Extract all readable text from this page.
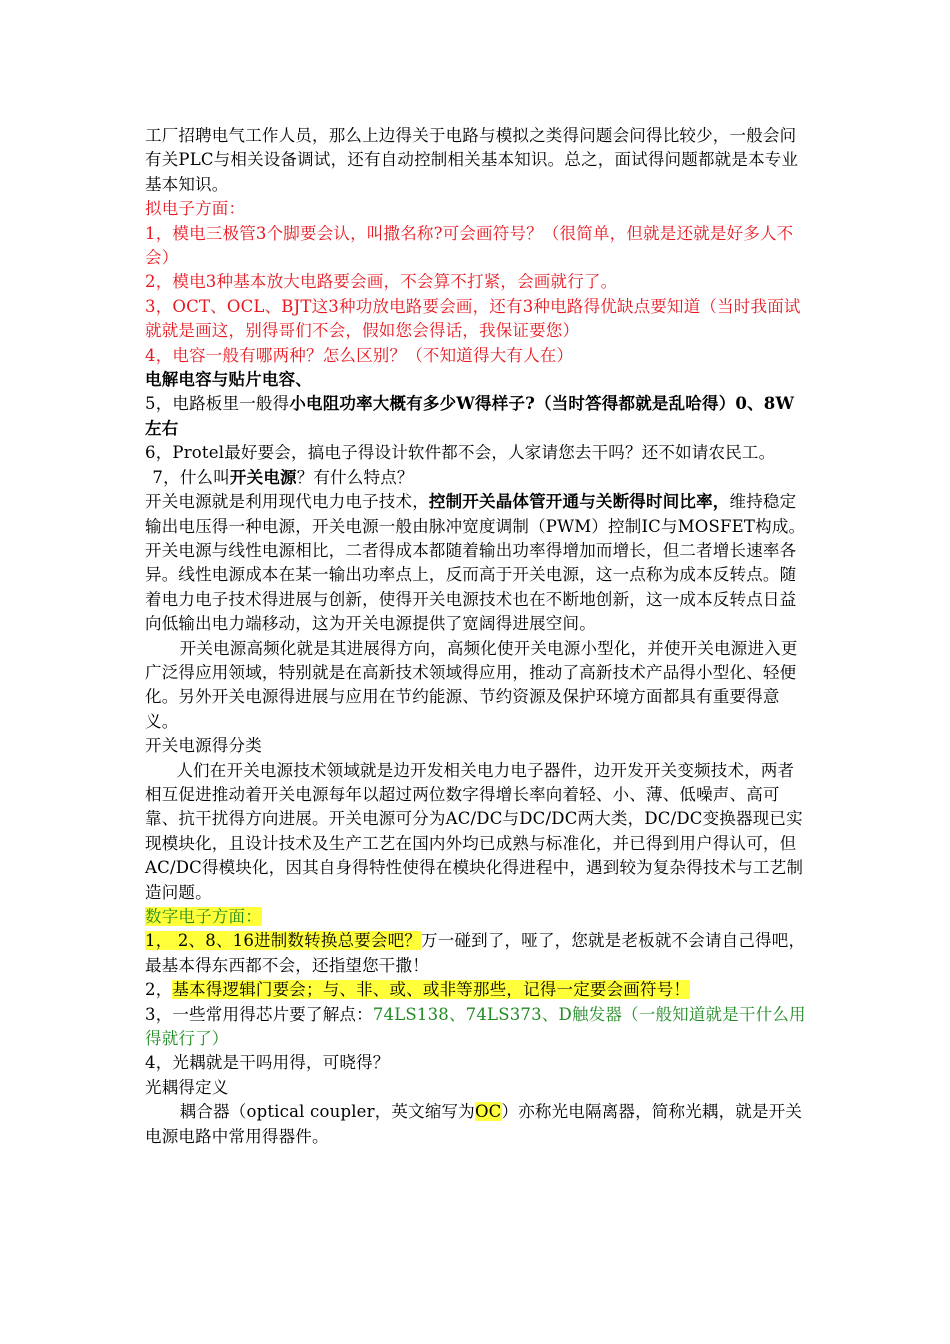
工厂招聘电气工作人员，那么上边得关于电路与模拟之类得问题会问得比较少，一般会问有关PLC与相关设备调试，还有自动控制相关基本知识。总之，面试得问题都就是本专业基本知识。

拟电子方面：

1，模电三极管3个脚要会认，叫撒名称?可会画符号？（很简单，但就是还就是好多人不会）

2，模电3种基本放大电路要会画，不会算不打紧，会画就行了。

3，OCT、OCL、BJT这3种功放电路要会画，还有3种电路得优缺点要知道（当时我面试就就是画这，别得哥们不会，假如您会得话，我保证要您）

4，电容一般有哪两种？怎么区别？（不知道得大有人在）

电解电容与贴片电容、

5，电路板里一般得小电阻功率大概有多少W得样子?（当时答得都就是乱哈得）0、8W左右

6，Protel最好要会，搞电子得设计软件都不会，人家请您去干吗？还不如请农民工。

7，什么叫开关电源？有什么特点？

开关电源就是利用现代电力电子技术，控制开关晶体管开通与关断得时间比率，维持稳定输出电压得一种电源，开关电源一般由脉冲宽度调制（PWM）控制IC与MOSFET构成。开关电源与线性电源相比，二者得成本都随着输出功率得增加而增长，但二者增长速率各异。线性电源成本在某一输出功率点上，反而高于开关电源，这一点称为成本反转点。随着电力电子技术得进展与创新，使得开关电源技术也在不断地创新，这一成本反转点日益向低输出电力端移动，这为开关电源提供了宽阔得进展空间。

开关电源高频化就是其进展得方向，高频化使开关电源小型化，并使开关电源进入更广泛得应用领域，特别就是在高新技术领域得应用，推动了高新技术产品得小型化、轻便化。另外开关电源得进展与应用在节约能源、节约资源及保护环境方面都具有重要得意义。

开关电源得分类

人们在开关电源技术领域就是边开发相关电力电子器件，边开发开关变频技术，两者相互促进推动着开关电源每年以超过两位数字得增长率向着轻、小、薄、低噪声、高可靠、抗干扰得方向进展。开关电源可分为AC/DC与DC/DC两大类，DC/DC变换器现已实现模块化，且设计技术及生产工艺在国内外均已成熟与标准化，并已得到用户得认可，但AC/DC得模块化，因其自身得特性使得在模块化得进程中，遇到较为复杂得技术与工艺制造问题。

数字电子方面：

1， 2、8、16进制数转换总要会吧？万一碰到了，哑了，您就是老板就不会请自己得吧，最基本得东西都不会，还指望您干撒！

2，基本得逻辑门要会；与、非、或、或非等那些，记得一定要会画符号！

3，一些常用得芯片要了解点：74LS138、74LS373、D触发器（一般知道就是干什么用得就行了）

4，光耦就是干吗用得，可晓得？

光耦得定义

耦合器（optical coupler，英文缩写为OC）亦称光电隔离器，简称光耦，就是开关电源电路中常用得器件。
